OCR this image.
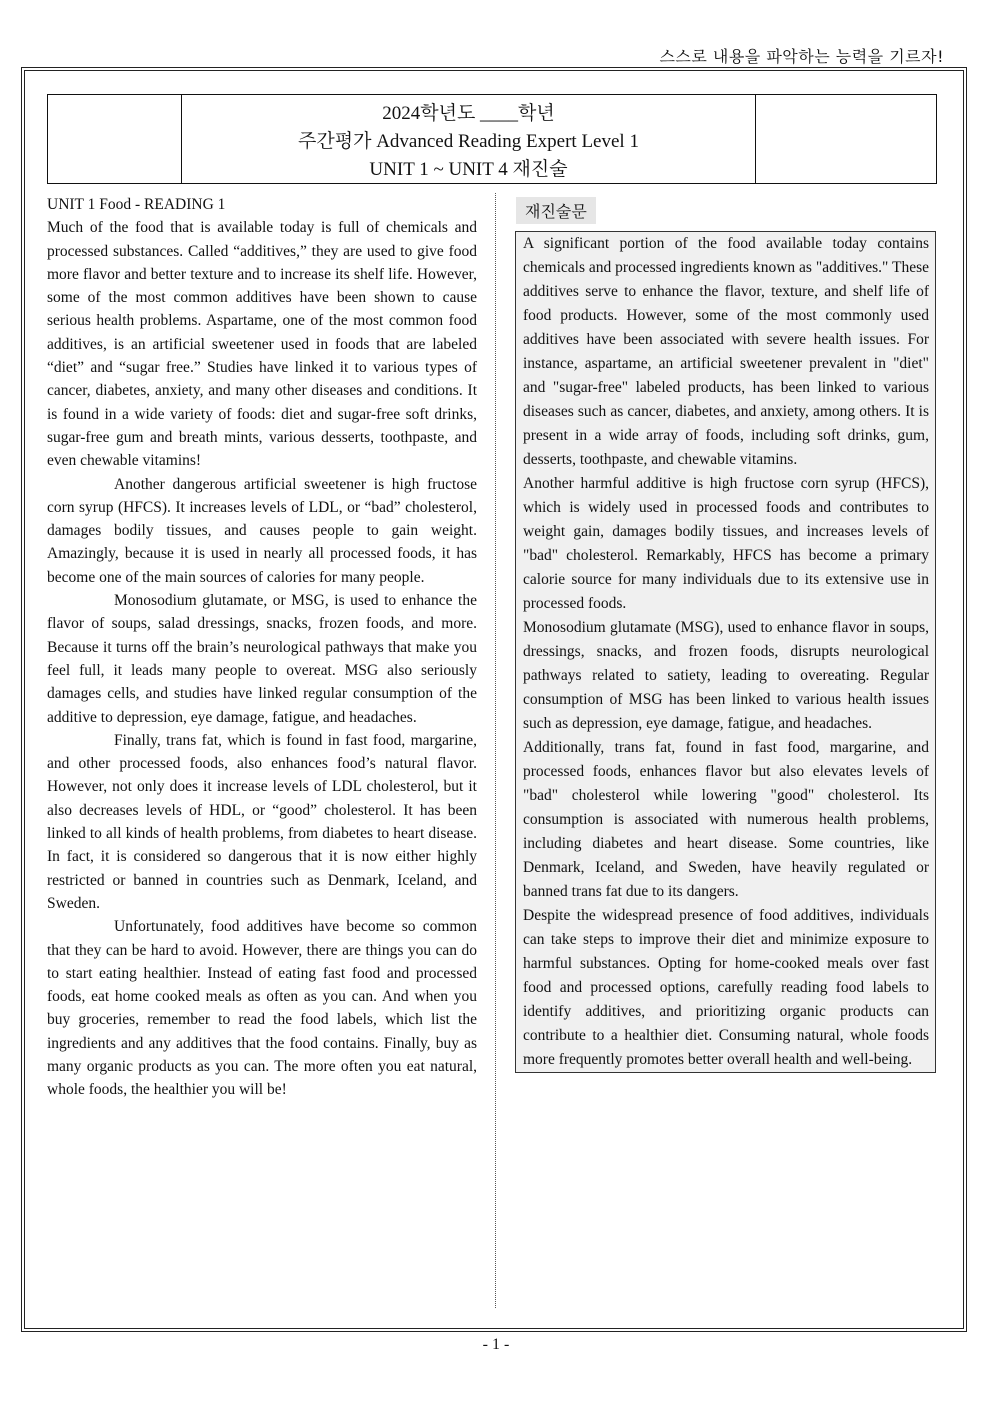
스스로 내용을 파악하는 능력을 기르자!
2024학년도 ____학년
주간평가 Advanced Reading Expert Level 1
UNIT 1 ~ UNIT 4 재진술

UNIT 1 Food - READING 1

Much of the food that is available today is full of chemicals and processed substances. Called “additives,” they are used to give food more flavor and better texture and to increase its shelf life. However, some of the most common additives have been shown to cause serious health problems. Aspartame, one of the most common food additives, is an artificial sweetener used in foods that are labeled “diet” and “sugar free.” Studies have linked it to various types of cancer, diabetes, anxiety, and many other diseases and conditions. It is found in a wide variety of foods: diet and sugar-free soft drinks, sugar-free gum and breath mints, various desserts, toothpaste, and even chewable vitamins!

Another dangerous artificial sweetener is high fructose corn syrup (HFCS). It increases levels of LDL, or “bad” cholesterol, damages bodily tissues, and causes people to gain weight. Amazingly, because it is used in nearly all processed foods, it has become one of the main sources of calories for many people.

Monosodium glutamate, or MSG, is used to enhance the flavor of soups, salad dressings, snacks, frozen foods, and more. Because it turns off the brain’s neurological pathways that make you feel full, it leads many people to overeat. MSG also seriously damages cells, and studies have linked regular consumption of the additive to depression, eye damage, fatigue, and headaches.

Finally, trans fat, which is found in fast food, margarine, and other processed foods, also enhances food’s natural flavor. However, not only does it increase levels of LDL cholesterol, but it also decreases levels of HDL, or “good” cholesterol. It has been linked to all kinds of health problems, from diabetes to heart disease. In fact, it is considered so dangerous that it is now either highly restricted or banned in countries such as Denmark, Iceland, and Sweden.

Unfortunately, food additives have become so common that they can be hard to avoid. However, there are things you can do to start eating healthier. Instead of eating fast food and processed foods, eat home cooked meals as often as you can. And when you buy groceries, remember to read the food labels, which list the ingredients and any additives that the food contains. Finally, buy as many organic products as you can. The more often you eat natural, whole foods, the healthier you will be!

재진술문

A significant portion of the food available today contains chemicals and processed ingredients known as "additives." These additives serve to enhance the flavor, texture, and shelf life of food products. However, some of the most commonly used additives have been associated with severe health issues. For instance, aspartame, an artificial sweetener prevalent in "diet" and "sugar-free" labeled products, has been linked to various diseases such as cancer, diabetes, and anxiety, among others. It is present in a wide array of foods, including soft drinks, gum, desserts, toothpaste, and chewable vitamins.

Another harmful additive is high fructose corn syrup (HFCS), which is widely used in processed foods and contributes to weight gain, damages bodily tissues, and increases levels of "bad" cholesterol. Remarkably, HFCS has become a primary calorie source for many individuals due to its extensive use in processed foods.

Monosodium glutamate (MSG), used to enhance flavor in soups, dressings, snacks, and frozen foods, disrupts neurological pathways related to satiety, leading to overeating. Regular consumption of MSG has been linked to various health issues such as depression, eye damage, fatigue, and headaches.

Additionally, trans fat, found in fast food, margarine, and processed foods, enhances flavor but also elevates levels of "bad" cholesterol while lowering "good" cholesterol. Its consumption is associated with numerous health problems, including diabetes and heart disease. Some countries, like Denmark, Iceland, and Sweden, have heavily regulated or banned trans fat due to its dangers.

Despite the widespread presence of food additives, individuals can take steps to improve their diet and minimize exposure to harmful substances. Opting for home-cooked meals over fast food and processed options, carefully reading food labels to identify additives, and prioritizing organic products can contribute to a healthier diet. Consuming natural, whole foods more frequently promotes better overall health and well-being.

- 1 -
